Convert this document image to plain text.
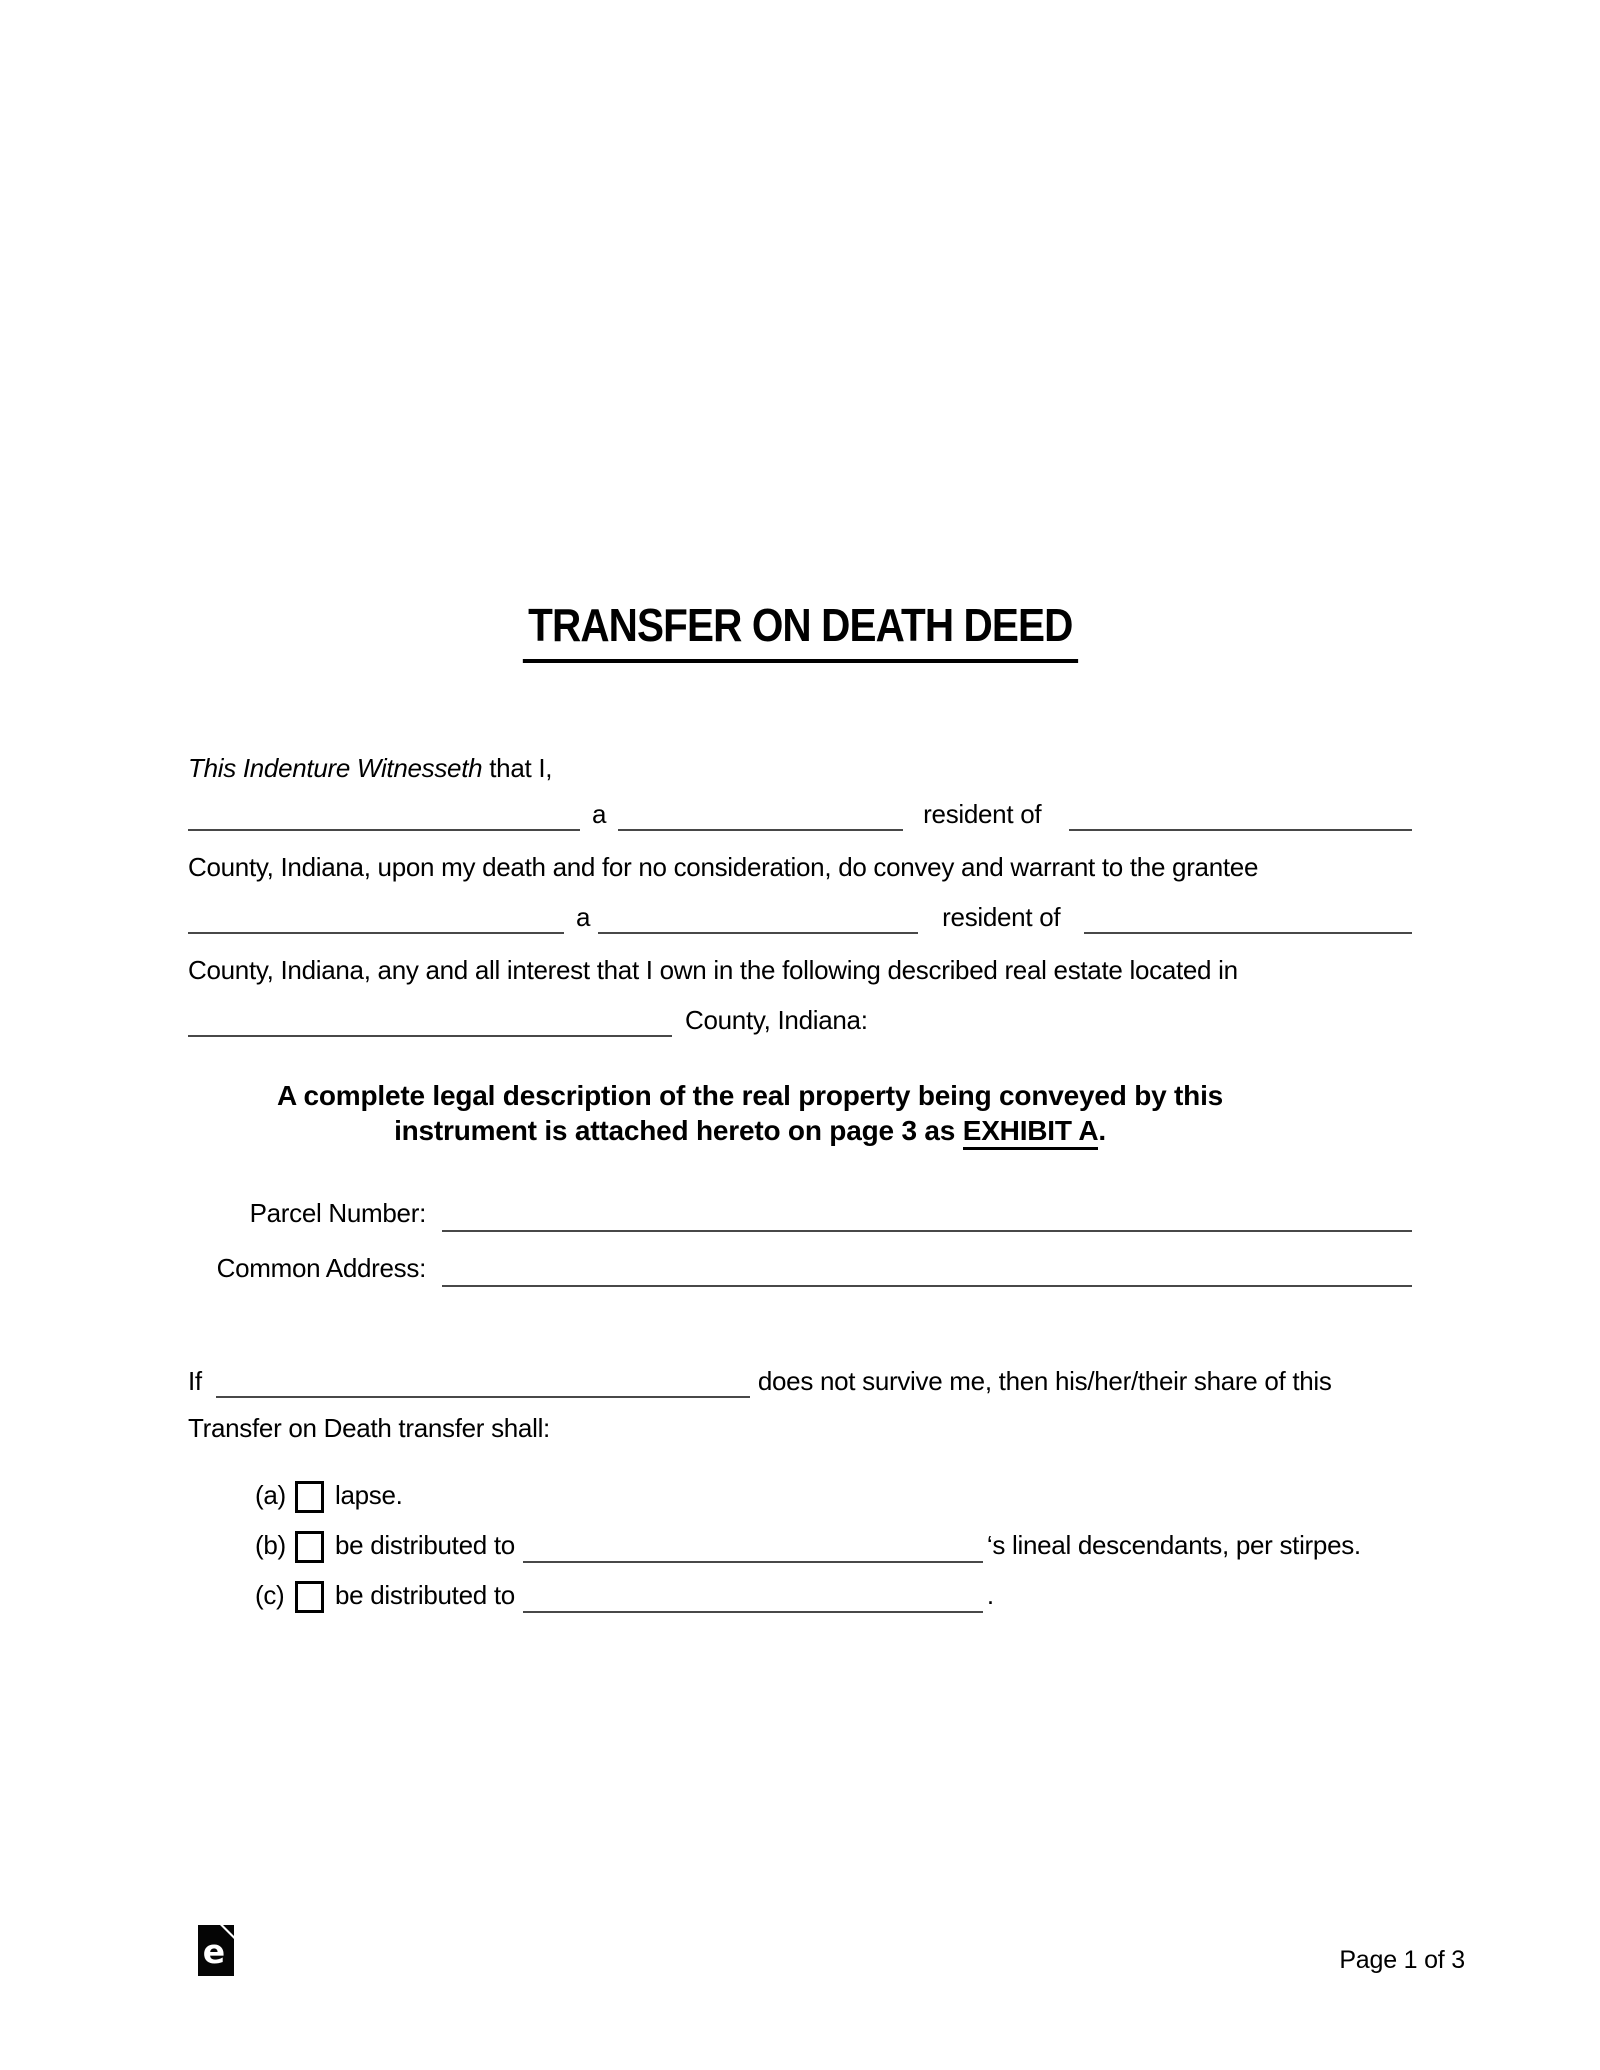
TRANSFER ON DEATH DEED
This Indenture Witnesseth that I,
a	resident of
County, Indiana, upon my death and for no consideration, do convey and warrant to the grantee
a	resident of
County, Indiana, any and all interest that I own in the following described real estate located in
County, Indiana:
A complete legal description of the real property being conveyed by this
instrument is attached hereto on page 3 as EXHIBIT A.
Parcel Number:
Common Address:
If	does not survive me, then his/her/their share of this
Transfer on Death transfer shall:
(a)	lapse.
(b)	be distributed to	‘s lineal descendants, per stirpes.
(c)	be distributed to	.
e	Page 1 of 3
